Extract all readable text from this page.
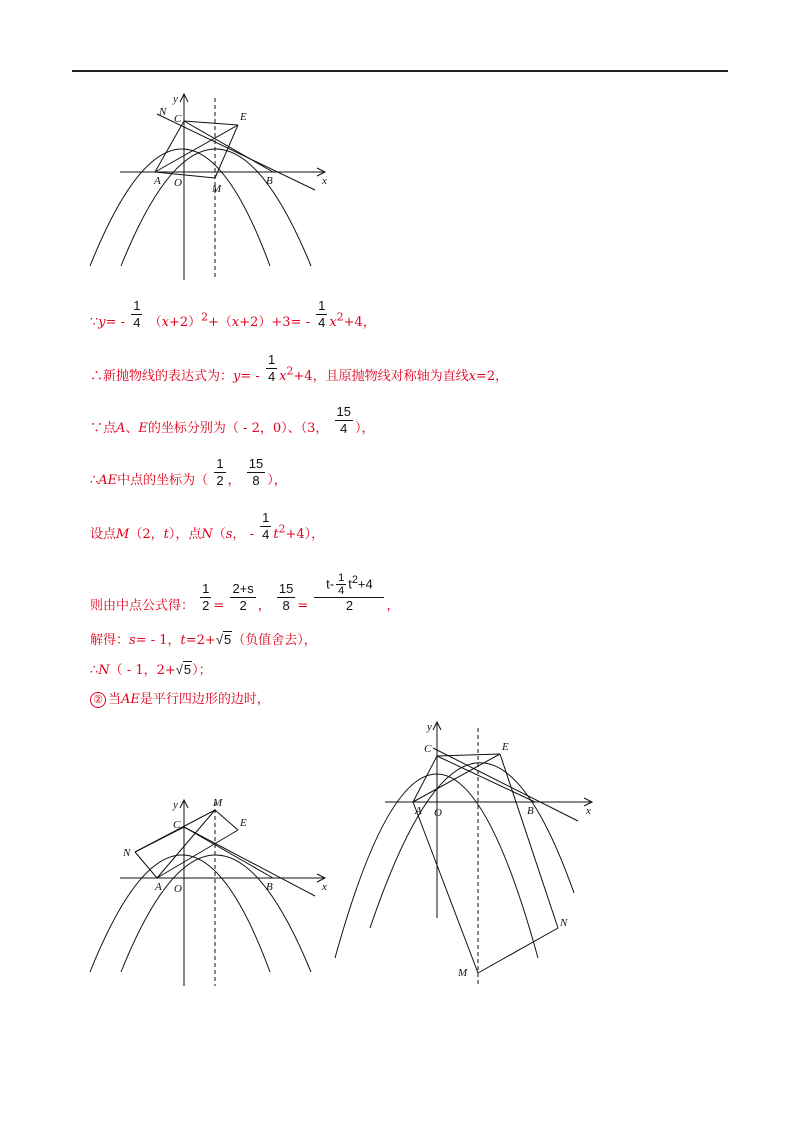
y
x
N
C	E
A O	M
B
∵y= - $\frac{1}{4} (x+2)^2+(x+2)+3= - \frac{1}{4} x^2+4$，
∴新抛物线的表达式为：$y= - \frac{1}{4} x^2+4$，且原抛物线对称轴为直线x=2，
∵点A、E的坐标分别为（ - 2，0）、（3， $\frac{15}{4}$ ），
∴AE中点的坐标为（ $\frac{1}{2}$ ， $\frac{15}{8}$ ），
设点M（2，t），点N（s， - $\frac{1}{4} t^2+4$），
则由中点公式得： $\frac{1}{2} = \frac{2+s}{2}$ ， $\frac{15}{8} = \frac{t- \frac{1}{4} t^2+4}{2}$ ，
解得：s= - 1，t=2+√5（负值舍去），
∴N（ - 1，2+√5）；
② 当AE是平行四边形的边时，
y	M
C	E
N
A O	B	x
y
C	E
A O	B	x
N
M
